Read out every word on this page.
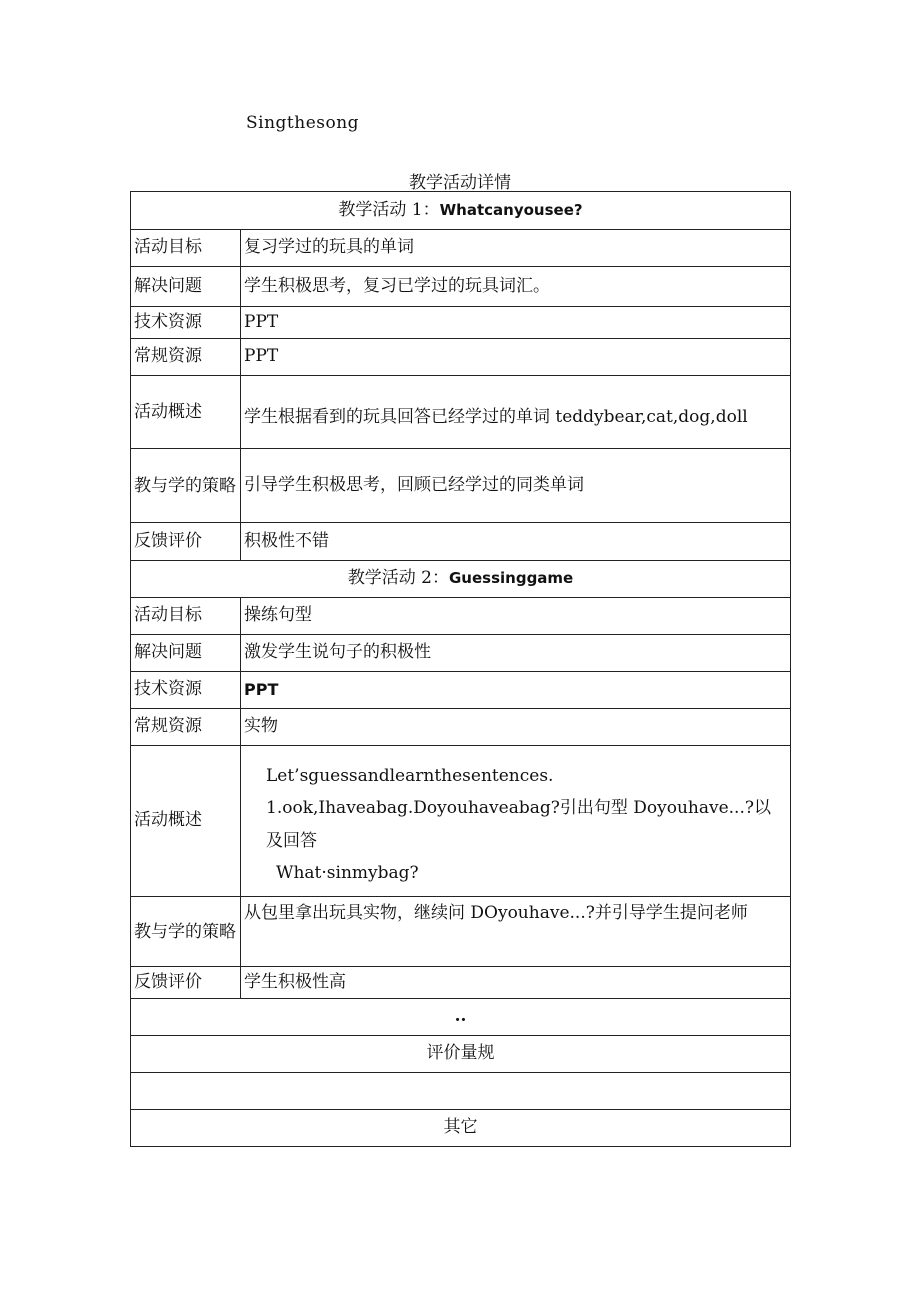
Singthesong
教学活动详情
教学活动 1：Whatcanyousee?	
活动目标	复习学过的玩具的单词
解决问题	学生积极思考，复习已学过的玩具词汇。
技术资源	PPT
常规资源	PPT
活动概述	学生根据看到的玩具回答已经学过的单词 teddybear,cat,dog,doll
教与学的策略	引导学生积极思考，回顾已经学过的同类单词
反馈评价	积极性不错
教学活动 2：Guessinggame	
活动目标	操练句型
解决问题	激发学生说句子的积极性
技术资源	PPT
常规资源	实物
活动概述	Let’sguessandlearnthesentences.

1.ook,Ihaveabag.Doyouhaveabag?引出句型 Doyouhave...?以及回答

What·sinmybag?

教与学的策略	从包里拿出玩具实物，继续问 DOyouhave...?并引导学生提问老师
反馈评价	学生积极性高
..	
评价量规	

其它	
